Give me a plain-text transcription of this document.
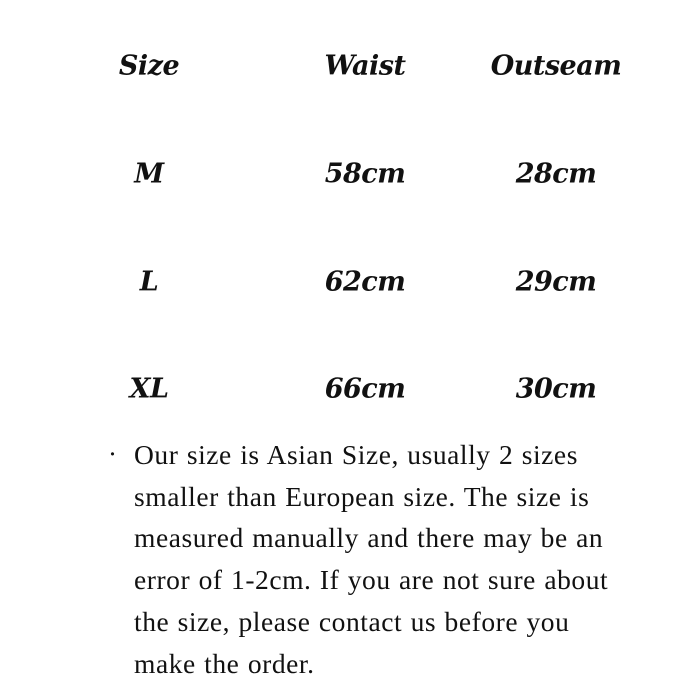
Size	Waist	Outseam
M	58cm	28cm
L	62cm	29cm
XL	66cm	30cm
· Our size is Asian Size, usually 2 sizes smaller than European size. The size is measured manually and there may be an error of 1-2cm. If you are not sure about the size, please contact us before you make the order.
